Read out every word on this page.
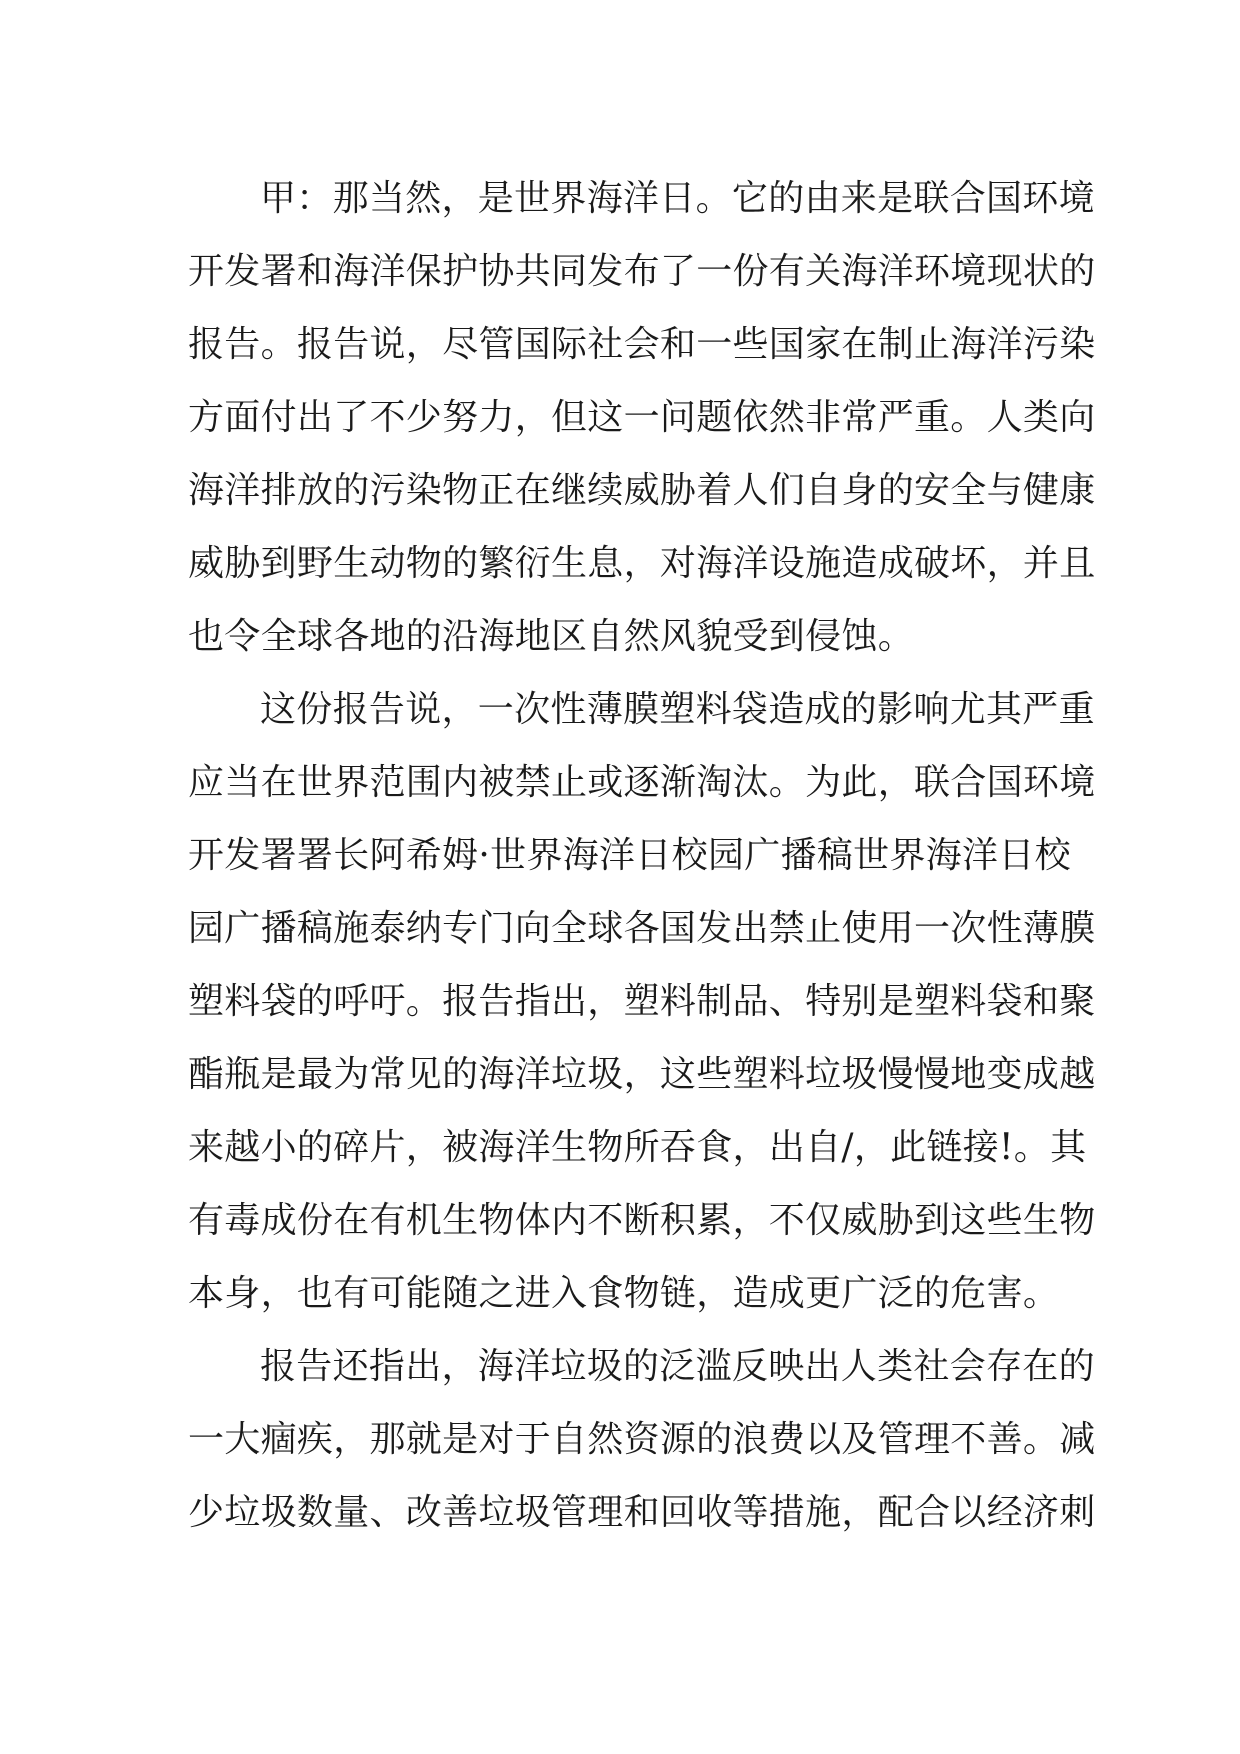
甲：那当然，是世界海洋日。它的由来是联合国环境
开发署和海洋保护协共同发布了一份有关海洋环境现状的
报告。报告说，尽管国际社会和一些国家在制止海洋污染
方面付出了不少努力，但这一问题依然非常严重。人类向
海洋排放的污染物正在继续威胁着人们自身的安全与健康
威胁到野生动物的繁衍生息，对海洋设施造成破坏，并且
也令全球各地的沿海地区自然风貌受到侵蚀。
这份报告说，一次性薄膜塑料袋造成的影响尤其严重
应当在世界范围内被禁止或逐渐淘汰。为此，联合国环境
开发署署长阿希姆·世界海洋日校园广播稿世界海洋日校
园广播稿施泰纳专门向全球各国发出禁止使用一次性薄膜
塑料袋的呼吁。报告指出，塑料制品、特别是塑料袋和聚
酯瓶是最为常见的海洋垃圾，这些塑料垃圾慢慢地变成越
来越小的碎片，被海洋生物所吞食，出自/，此链接!。其
有毒成份在有机生物体内不断积累，不仅威胁到这些生物
本身，也有可能随之进入食物链，造成更广泛的危害。
报告还指出，海洋垃圾的泛滥反映出人类社会存在的
一大痼疾，那就是对于自然资源的浪费以及管理不善。减
少垃圾数量、改善垃圾管理和回收等措施，配合以经济刺
